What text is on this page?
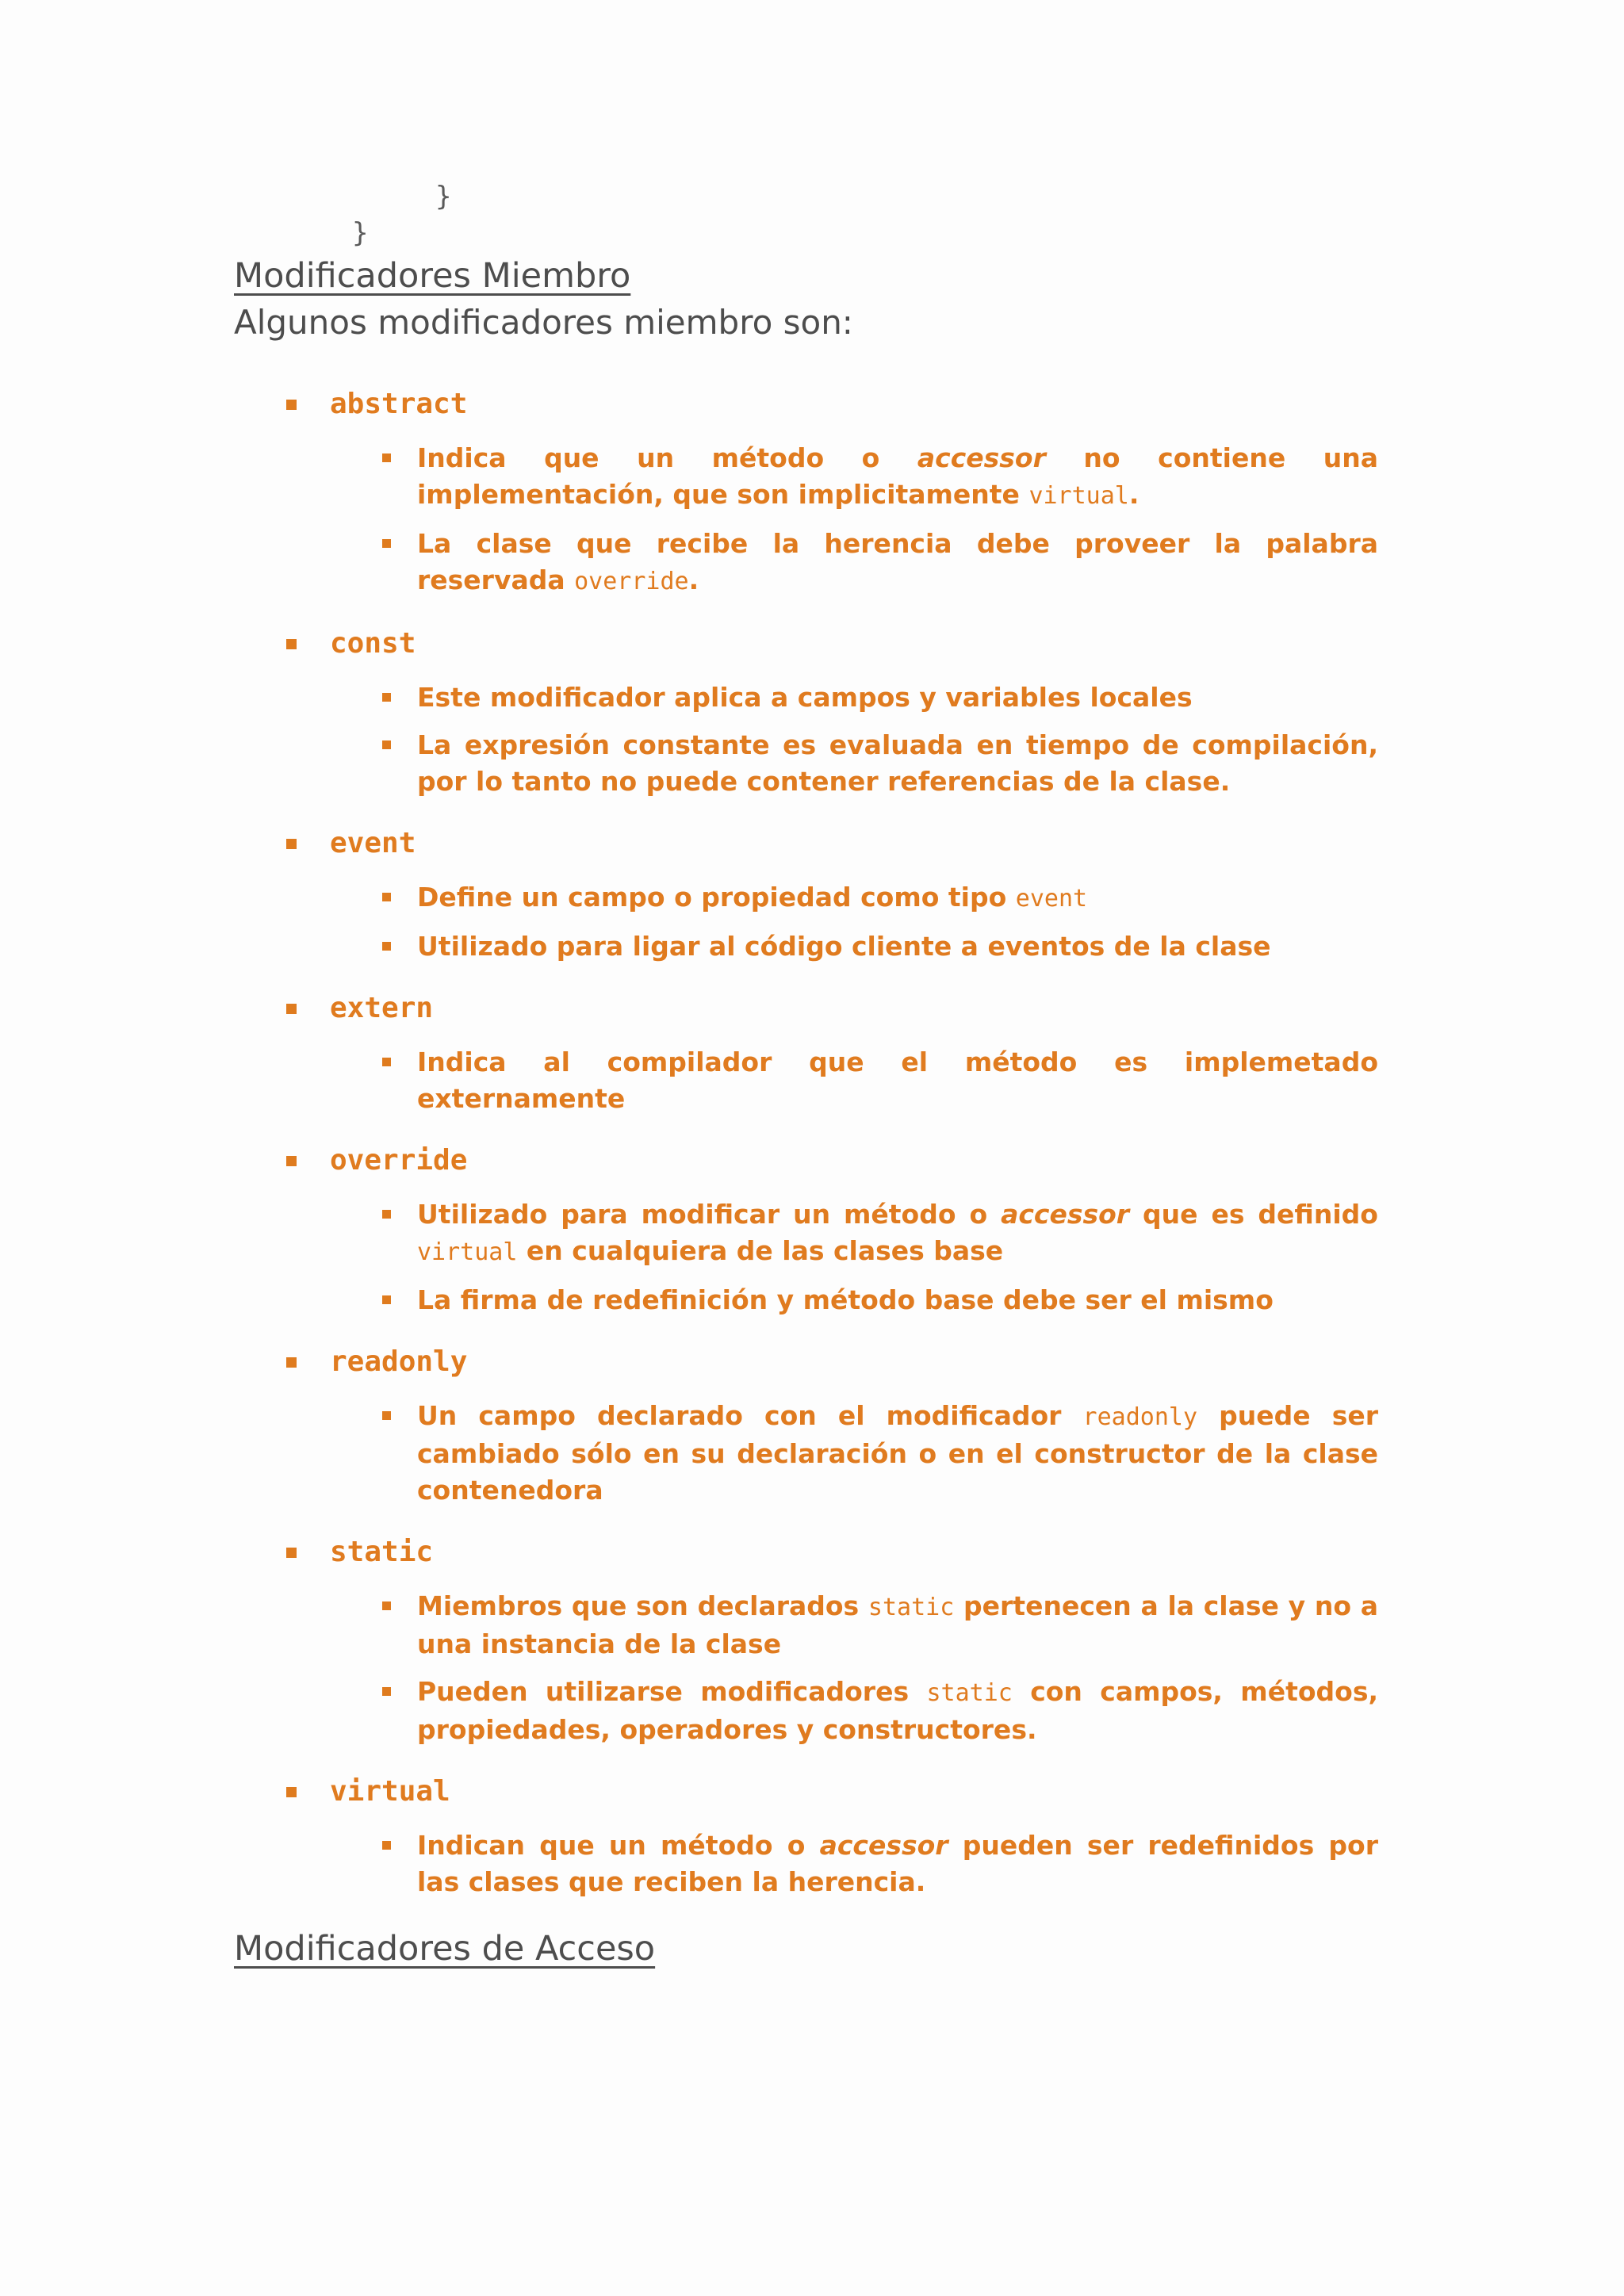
}
}
Modificadores Miembro

Algunos modificadores miembro son:

abstract
Indica que un método o accessor no contiene una implementación, que son implicitamente virtual.
La clase que recibe la herencia debe proveer la palabra reservada override.
const
Este modificador aplica a campos y variables locales
La expresión constante es evaluada en tiempo de compilación, por lo tanto no puede contener referencias de la clase.
event
Define un campo o propiedad como tipo event
Utilizado para ligar al código cliente a eventos de la clase
extern
Indica al compilador que el método es implemetado externamente
override
Utilizado para modificar un método o accessor que es definido virtual en cualquiera de las clases base
La firma de redefinición y método base debe ser el mismo
readonly
Un campo declarado con el modificador readonly puede ser cambiado sólo en su declaración o en el constructor de la clase contenedora
static
Miembros que son declarados static pertenecen a la clase y no a una instancia de la clase
Pueden utilizarse modificadores static con campos, métodos, propiedades, operadores y constructores.
virtual
Indican que un método o accessor pueden ser redefinidos por las clases que reciben la herencia.
Modificadores de Acceso
